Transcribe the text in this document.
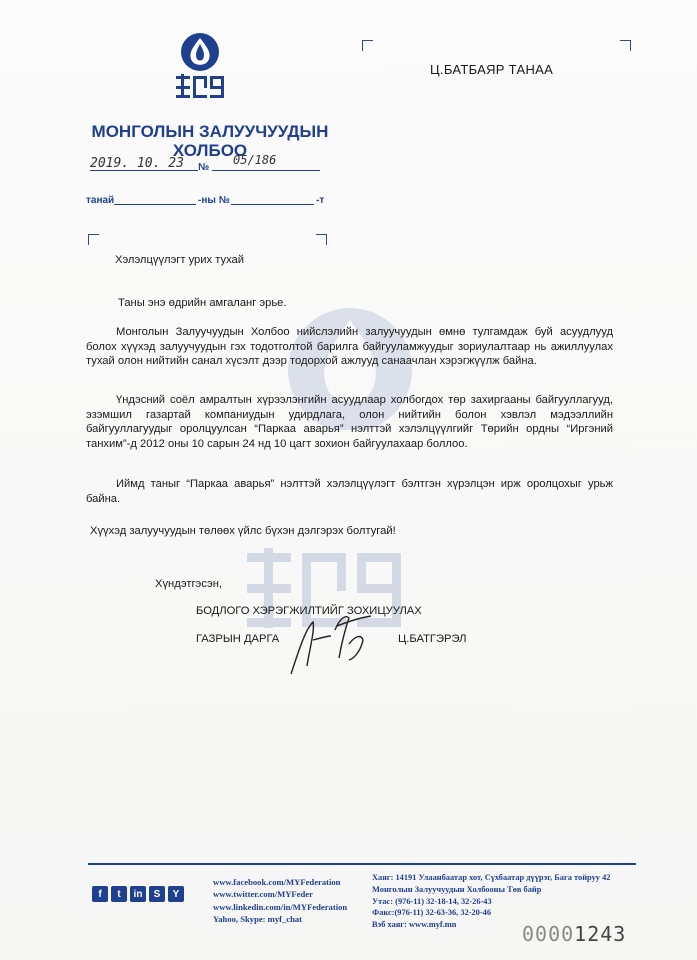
МОНГОЛЫН ЗАЛУУЧУУДЫН
ХОЛБОО
Ц.БАТБАЯР ТАНАА
2019. 10. 23 №
05/186
танай	-ны №	-т
Хэлэлцүүлэгт урих тухай
Таны энэ өдрийн амгаланг эрье.
Монголын Залуучуудын Холбоо нийслэлийн залуучуудын өмнө тулгамдаж буй асуудлууд болох хүүхэд залуучуудын гэх тодотголтой барилга байгууламжуудыг зориулалтаар нь ажиллуулах тухай олон нийтийн санал хүсэлт дээр тодорхой ажлууд санаачлан хэрэгжүүлж байна.
Үндэсний соёл амралтын хүрээлэнгийн асуудлаар холбогдох төр захиргааны байгууллагууд, эзэмшил газартай компаниудын удирдлага, олон нийтийн болон хэвлэл мэдээллийн байгууллагуудыг оролцуулсан “Паркаа аварья” нэлттэй хэлэлцүүлгийг Төрийн ордны “Иргэний танхим”-д 2012 оны 10 сарын 24 нд 10 цагт зохион байгуулахаар боллоо.
Иймд таныг “Паркаа аварья” нэлттэй хэлэлцүүлэгт бэлтгэн хүрэлцэн ирж оролцохыг урьж байна.
Хүүхэд залуучуудын төлөөх үйлс бүхэн дэлгэрэх болтугай!
Хүндэтгэсэн,
БОДЛОГО ХЭРЭГЖИЛТИЙГ ЗОХИЦУУЛАХ
ГАЗРЫН ДАРГА	Ц.БАТГЭРЭЛ
f	t	in	S	Y
www.facebook.com/MYFederation
www.twitter.com/MYFeder
www.linkedin.com/in/MYFederation
Yahoo, Skype: myf_chat
Хаяг: 14191 Улаанбаатар хот, Сүхбаатар дүүрэг, Бага тойруу 42
Монголын Залуучуудын Холбооны Төв байр
Утас: (976-11) 32-18-14, 32-26-43
Факс:(976-11) 32-63-36, 32-20-46
Вэб хаяг: www.myf.mn	00001243
